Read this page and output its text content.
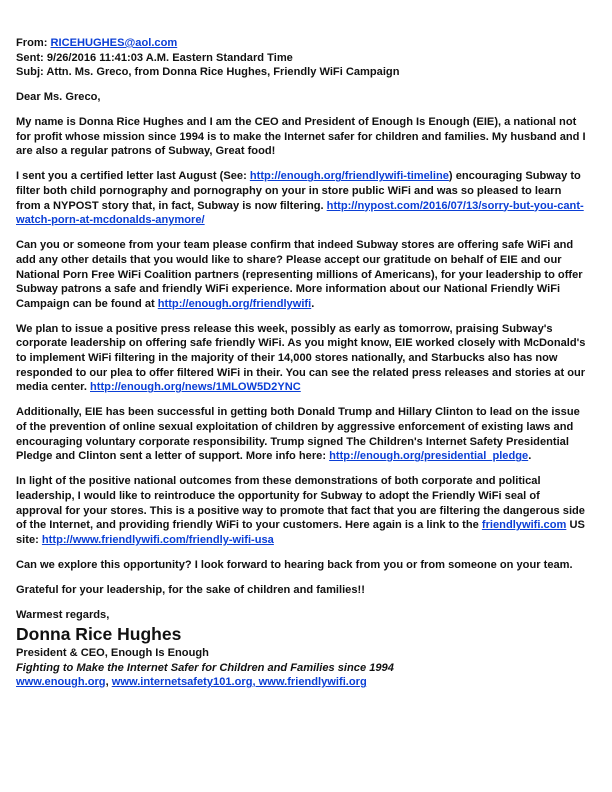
From: RICEHUGHES@aol.com
Sent: 9/26/2016 11:41:03 A.M. Eastern Standard Time
Subj: Attn. Ms. Greco, from Donna Rice Hughes, Friendly WiFi Campaign

Dear Ms. Greco,

My name is Donna Rice Hughes and I am the CEO and President of Enough Is Enough (EIE), a national not for profit whose mission since 1994 is to make the Internet safer for children and families. My husband and I are also a regular patrons of Subway, Great food!

I sent you a certified letter last August (See: http://enough.org/friendlywifi-timeline) encouraging Subway to filter both child pornography and pornography on your in store public WiFi and was so pleased to learn from a NYPOST story that, in fact, Subway is now filtering. http://nypost.com/2016/07/13/sorry-but-you-cant-watch-porn-at-mcdonalds-anymore/

Can you or someone from your team please confirm that indeed Subway stores are offering safe WiFi and add any other details that you would like to share? Please accept our gratitude on behalf of EIE and our National Porn Free WiFi Coalition partners (representing millions of Americans), for your leadership to offer Subway patrons a safe and friendly WiFi experience. More information about our National Friendly WiFi Campaign can be found at http://enough.org/friendlywifi.

We plan to issue a positive press release this week, possibly as early as tomorrow, praising Subway's corporate leadership on offering safe friendly WiFi. As you might know, EIE worked closely with McDonald's to implement WiFi filtering in the majority of their 14,000 stores nationally, and Starbucks also has now responded to our plea to offer filtered WiFi in their. You can see the related press releases and stories at our media center. http://enough.org/news/1MLOW5D2YNC

Additionally, EIE has been successful in getting both Donald Trump and Hillary Clinton to lead on the issue of the prevention of online sexual exploitation of children by aggressive enforcement of existing laws and encouraging voluntary corporate responsibility. Trump signed The Children's Internet Safety Presidential Pledge and Clinton sent a letter of support. More info here: http://enough.org/presidential_pledge.

In light of the positive national outcomes from these demonstrations of both corporate and political leadership, I would like to reintroduce the opportunity for Subway to adopt the Friendly WiFi seal of approval for your stores. This is a positive way to promote that fact that you are filtering the dangerous side of the Internet, and providing friendly WiFi to your customers. Here again is a link to the friendlywifi.com US site: http://www.friendlywifi.com/friendly-wifi-usa

Can we explore this opportunity? I look forward to hearing back from you or from someone on your team.

Grateful for your leadership, for the sake of children and families!!

Warmest regards,
Donna Rice Hughes
President & CEO, Enough Is Enough
Fighting to Make the Internet Safer for Children and Families since 1994
www.enough.org, www.internetsafety101.org, www.friendlywifi.org
